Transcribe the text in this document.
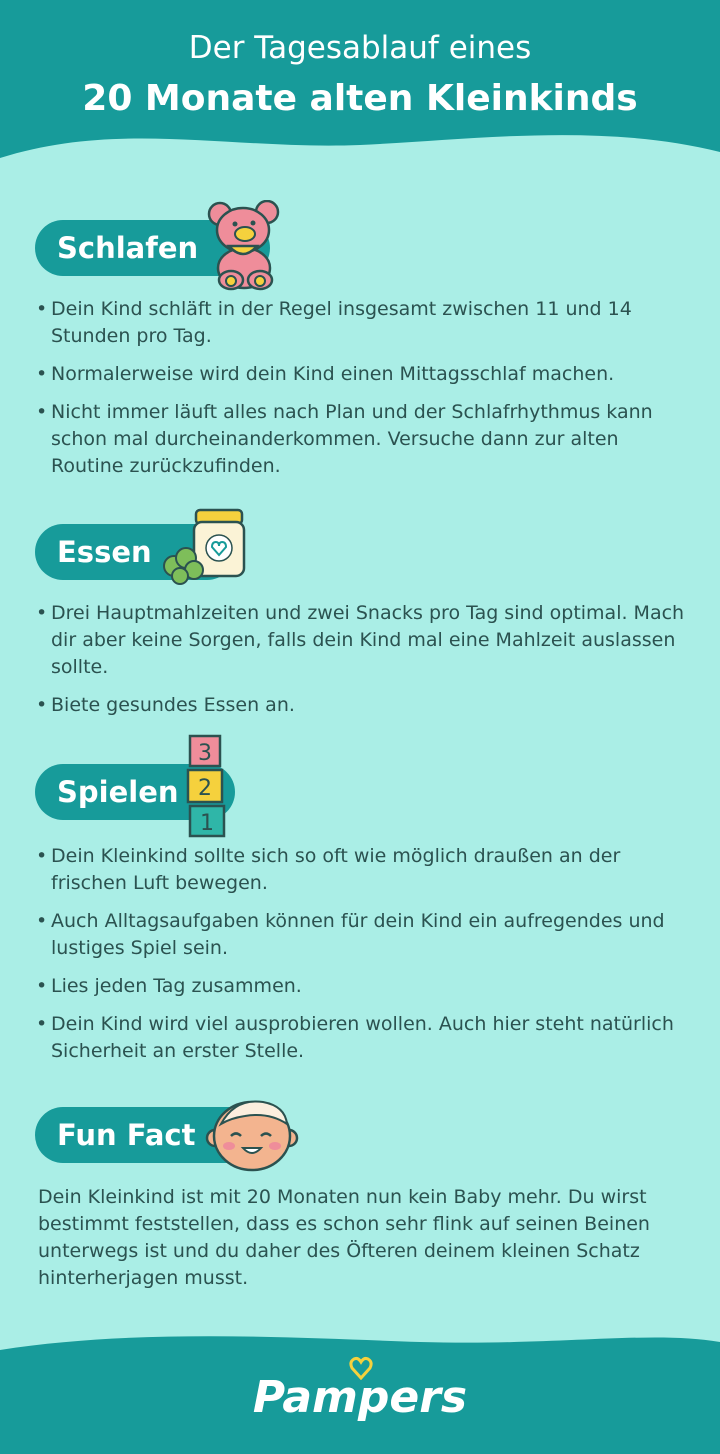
Der Tagesablauf eines
20 Monate alten Kleinkinds
Schlafen
• Dein Kind schläft in der Regel insgesamt zwischen 11 und 14 Stunden pro Tag.
• Normalerweise wird dein Kind einen Mittagsschlaf machen.
• Nicht immer läuft alles nach Plan und der Schlafrhythmus kann schon mal durcheinanderkommen. Versuche dann zur alten Routine zurückzufinden.
Essen
• Drei Hauptmahlzeiten und zwei Snacks pro Tag sind optimal. Mach dir aber keine Sorgen, falls dein Kind mal eine Mahlzeit auslassen sollte.
• Biete gesundes Essen an.
Spielen
3
2
1
• Dein Kleinkind sollte sich so oft wie möglich draußen an der frischen Luft bewegen.
• Auch Alltagsaufgaben können für dein Kind ein aufregendes und lustiges Spiel sein.
• Lies jeden Tag zusammen.
• Dein Kind wird viel ausprobieren wollen. Auch hier steht natürlich Sicherheit an erster Stelle.
Fun Fact
Dein Kleinkind ist mit 20 Monaten nun kein Baby mehr. Du wirst bestimmt feststellen, dass es schon sehr flink auf seinen Beinen unterwegs ist und du daher des Öfteren deinem kleinen Schatz hinterherjagen musst.
Pampers
